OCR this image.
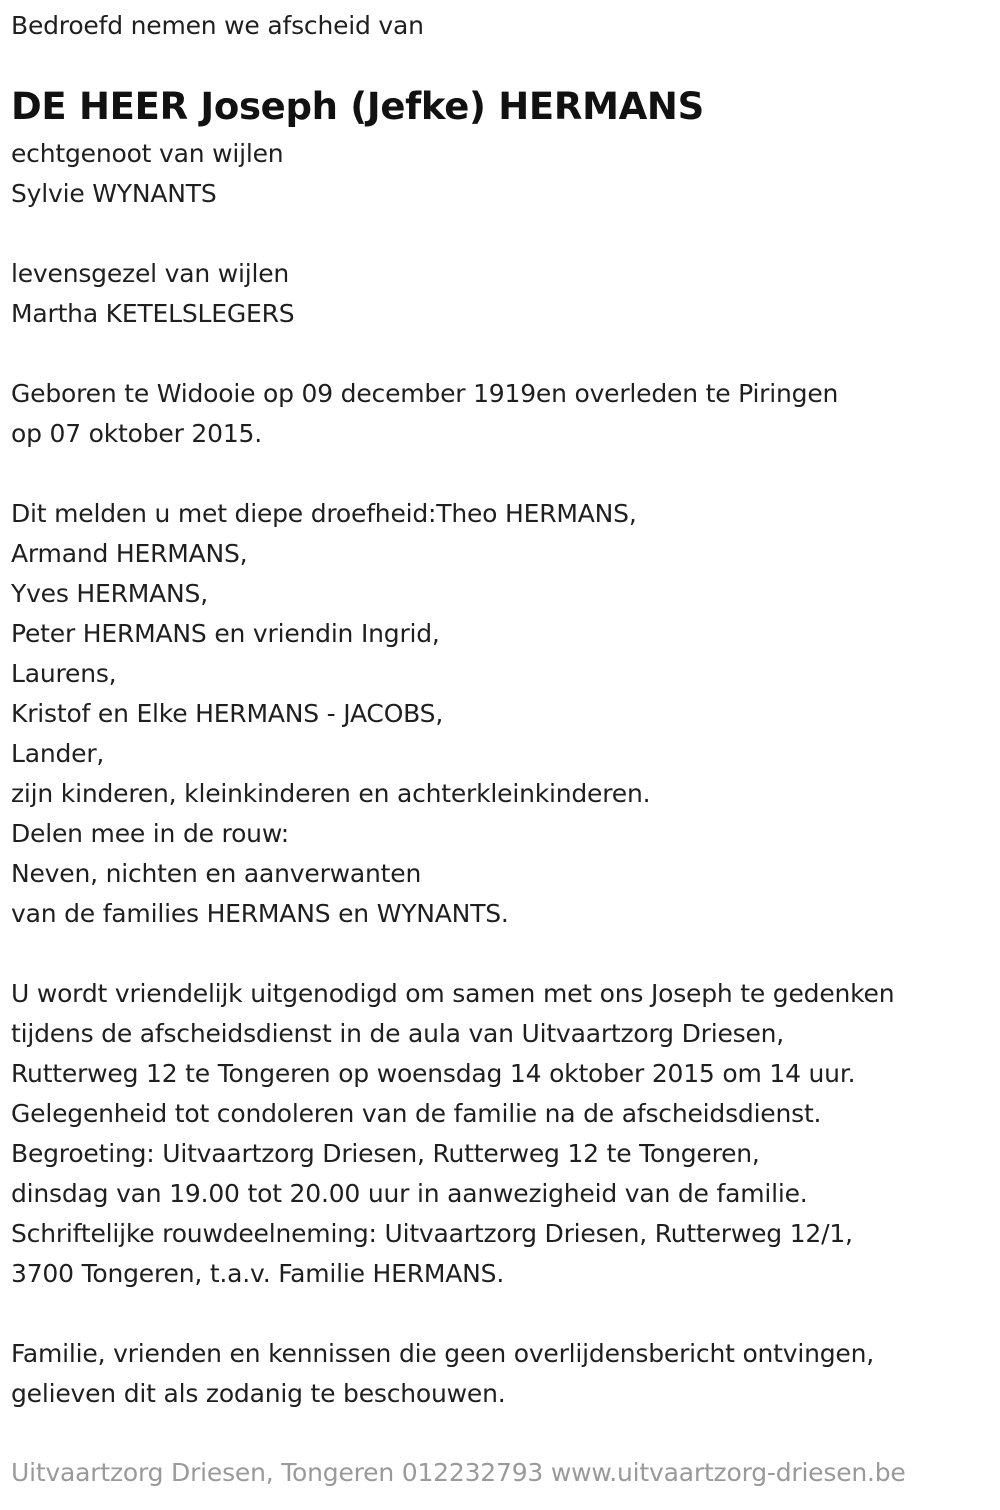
Bedroefd nemen we afscheid van
DE HEER Joseph (Jefke) HERMANS
echtgenoot van wijlen
Sylvie WYNANTS
levensgezel van wijlen
Martha KETELSLEGERS
Geboren te Widooie op 09 december 1919en overleden te Piringen
op 07 oktober 2015.
Dit melden u met diepe droefheid:Theo HERMANS,
Armand HERMANS,
Yves HERMANS,
Peter HERMANS en vriendin Ingrid,
Laurens,
Kristof en Elke HERMANS - JACOBS,
Lander,
zijn kinderen, kleinkinderen en achterkleinkinderen.
Delen mee in de rouw:
Neven, nichten en aanverwanten
van de families HERMANS en WYNANTS.
U wordt vriendelijk uitgenodigd om samen met ons Joseph te gedenken
tijdens de afscheidsdienst in de aula van Uitvaartzorg Driesen,
Rutterweg 12 te Tongeren op woensdag 14 oktober 2015 om 14 uur.
Gelegenheid tot condoleren van de familie na de afscheidsdienst.
Begroeting: Uitvaartzorg Driesen, Rutterweg 12 te Tongeren,
dinsdag van 19.00 tot 20.00 uur in aanwezigheid van de familie.
Schriftelijke rouwdeelneming: Uitvaartzorg Driesen, Rutterweg 12/1,
3700 Tongeren, t.a.v. Familie HERMANS.
Familie, vrienden en kennissen die geen overlijdensbericht ontvingen,
gelieven dit als zodanig te beschouwen.
Uitvaartzorg Driesen, Tongeren 012232793 www.uitvaartzorg-driesen.be
